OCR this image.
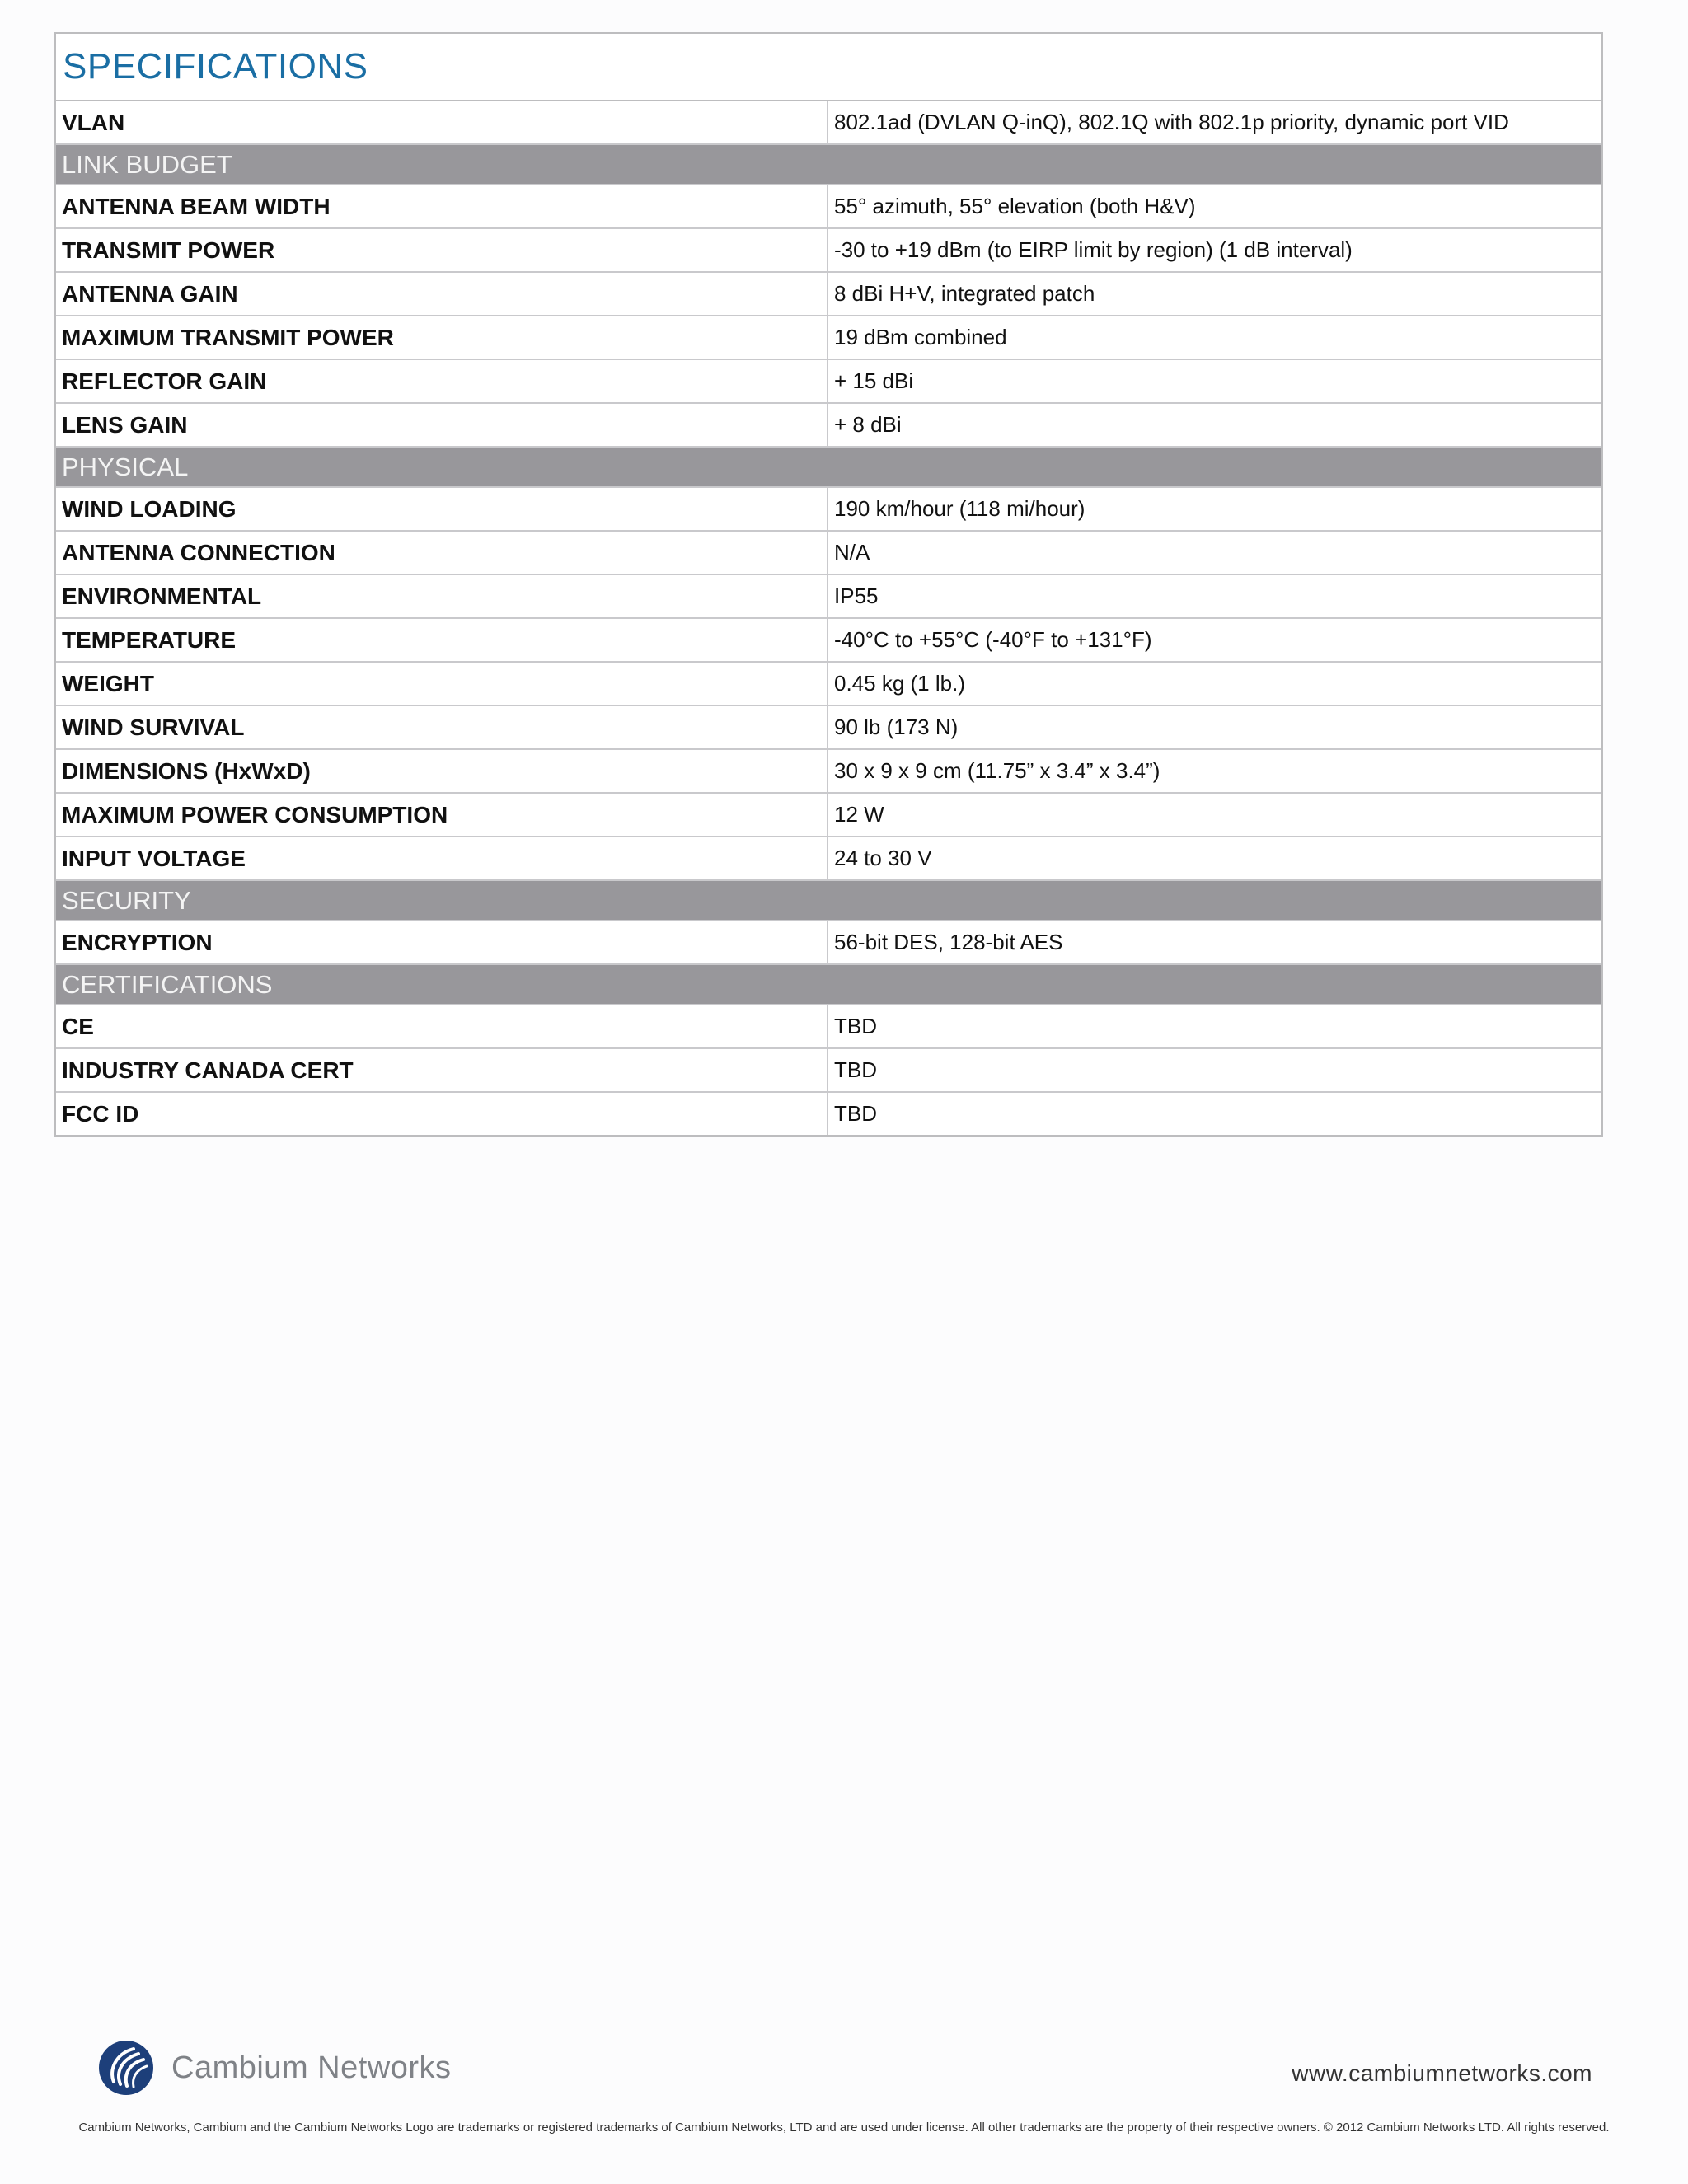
SPECIFICATIONS
VLAN	802.1ad (DVLAN Q-inQ), 802.1Q with 802.1p priority, dynamic port VID
LINK BUDGET
ANTENNA BEAM WIDTH	55° azimuth, 55° elevation (both H&V)
TRANSMIT POWER	-30 to +19 dBm (to EIRP limit by region) (1 dB interval)
ANTENNA GAIN	8 dBi H+V, integrated patch
MAXIMUM TRANSMIT POWER	19 dBm combined
REFLECTOR GAIN	+ 15 dBi
LENS GAIN	+ 8 dBi
PHYSICAL
WIND LOADING	190 km/hour (118 mi/hour)
ANTENNA CONNECTION	N/A
ENVIRONMENTAL	IP55
TEMPERATURE	-40°C to +55°C (-40°F to +131°F)
WEIGHT	0.45 kg (1 lb.)
WIND SURVIVAL	90 lb (173 N)
DIMENSIONS (HxWxD)	30 x 9 x 9 cm (11.75” x 3.4” x 3.4”)
MAXIMUM POWER CONSUMPTION	12 W
INPUT VOLTAGE	24 to 30 V
SECURITY
ENCRYPTION	56-bit DES, 128-bit AES
CERTIFICATIONS
CE	TBD
INDUSTRY CANADA CERT	TBD
FCC ID	TBD
Cambium Networks	www.cambiumnetworks.com
Cambium Networks, Cambium and the Cambium Networks Logo are trademarks or registered trademarks of Cambium Networks, LTD and are used under license. All other trademarks are the property of their respective owners. © 2012 Cambium Networks LTD. All rights reserved.
